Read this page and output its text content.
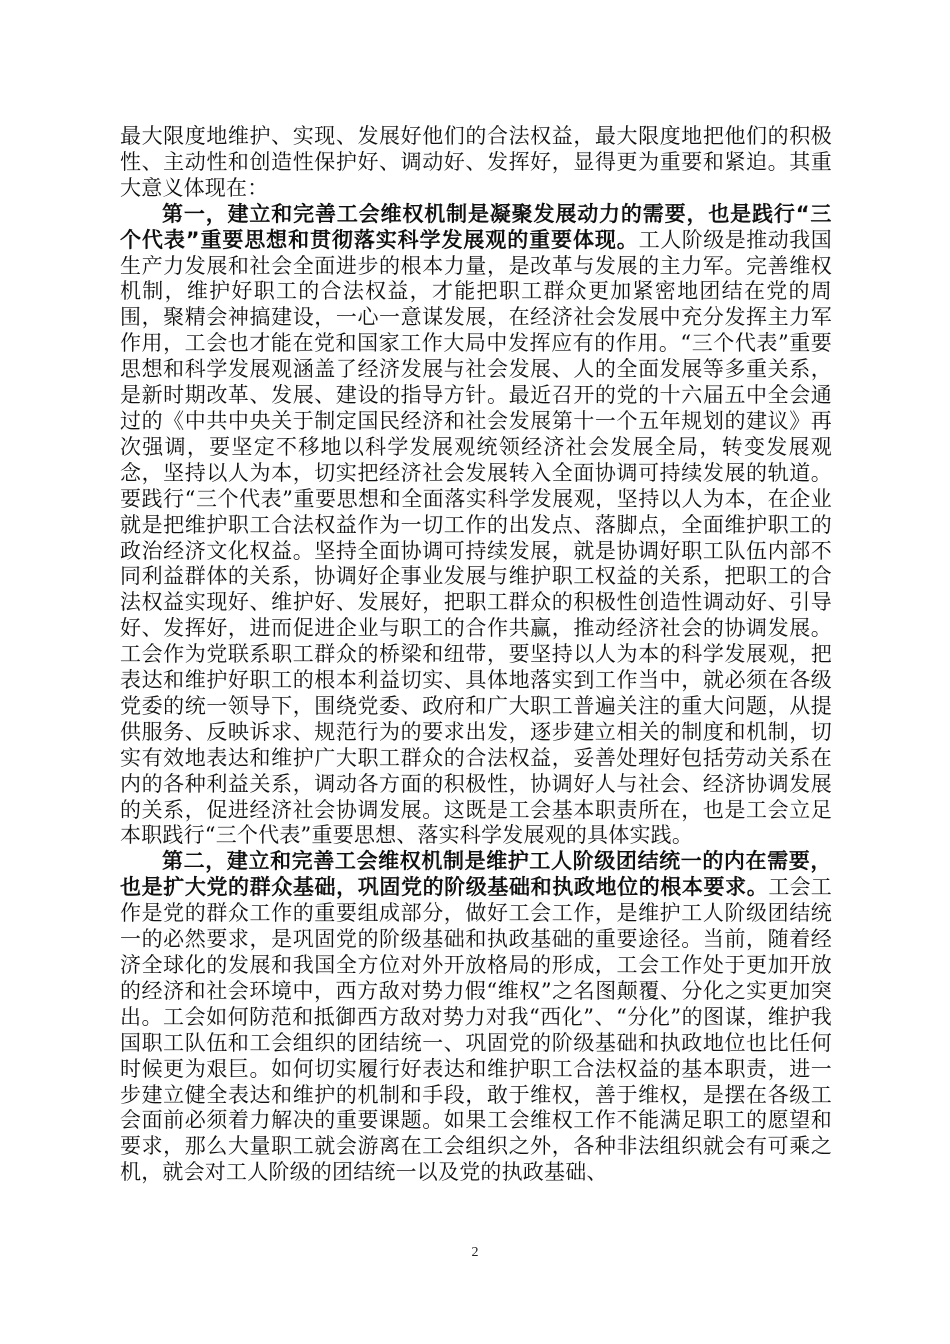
最大限度地维护、实现、发展好他们的合法权益，最大限度地把他们的积极性、主动性和创造性保护好、调动好、发挥好，显得更为重要和紧迫。其重大意义体现在：

第一，建立和完善工会维权机制是凝聚发展动力的需要，也是践行“三个代表”重要思想和贯彻落实科学发展观的重要体现。工人阶级是推动我国生产力发展和社会全面进步的根本力量，是改革与发展的主力军。完善维权机制，维护好职工的合法权益，才能把职工群众更加紧密地团结在党的周围，聚精会神搞建设，一心一意谋发展，在经济社会发展中充分发挥主力军作用，工会也才能在党和国家工作大局中发挥应有的作用。“三个代表”重要思想和科学发展观涵盖了经济发展与社会发展、人的全面发展等多重关系，是新时期改革、发展、建设的指导方针。最近召开的党的十六届五中全会通过的《中共中央关于制定国民经济和社会发展第十一个五年规划的建议》再次强调，要坚定不移地以科学发展观统领经济社会发展全局，转变发展观念，坚持以人为本，切实把经济社会发展转入全面协调可持续发展的轨道。要践行“三个代表”重要思想和全面落实科学发展观，坚持以人为本，在企业就是把维护职工合法权益作为一切工作的出发点、落脚点，全面维护职工的政治经济文化权益。坚持全面协调可持续发展，就是协调好职工队伍内部不同利益群体的关系，协调好企事业发展与维护职工权益的关系，把职工的合法权益实现好、维护好、发展好，把职工群众的积极性创造性调动好、引导好、发挥好，进而促进企业与职工的合作共赢，推动经济社会的协调发展。工会作为党联系职工群众的桥梁和纽带，要坚持以人为本的科学发展观，把表达和维护好职工的根本利益切实、具体地落实到工作当中，就必须在各级党委的统一领导下，围绕党委、政府和广大职工普遍关注的重大问题，从提供服务、反映诉求、规范行为的要求出发，逐步建立相关的制度和机制，切实有效地表达和维护广大职工群众的合法权益，妥善处理好包括劳动关系在内的各种利益关系，调动各方面的积极性，协调好人与社会、经济协调发展的关系，促进经济社会协调发展。这既是工会基本职责所在，也是工会立足本职践行“三个代表”重要思想、落实科学发展观的具体实践。

第二，建立和完善工会维权机制是维护工人阶级团结统一的内在需要，也是扩大党的群众基础，巩固党的阶级基础和执政地位的根本要求。工会工作是党的群众工作的重要组成部分，做好工会工作，是维护工人阶级团结统一的必然要求，是巩固党的阶级基础和执政基础的重要途径。当前，随着经济全球化的发展和我国全方位对外开放格局的形成，工会工作处于更加开放的经济和社会环境中，西方敌对势力假“维权”之名图颠覆、分化之实更加突出。工会如何防范和抵御西方敌对势力对我“西化”、“分化”的图谋，维护我国职工队伍和工会组织的团结统一、巩固党的阶级基础和执政地位也比任何时候更为艰巨。如何切实履行好表达和维护职工合法权益的基本职责，进一步建立健全表达和维护的机制和手段，敢于维权，善于维权，是摆在各级工会面前必须着力解决的重要课题。如果工会维权工作不能满足职工的愿望和要求，那么大量职工就会游离在工会组织之外，各种非法组织就会有可乘之机，就会对工人阶级的团结统一以及党的执政基础、

2
